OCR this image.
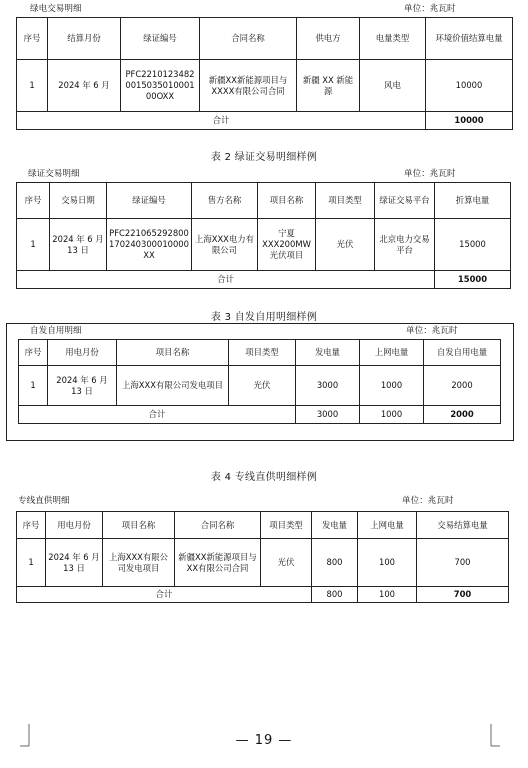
绿电交易明细	单位：兆瓦时
序号	结算月份	绿证编号	合同名称	供电方	电量类型	环境价值结算电量
1	2024 年 6 月	PFC2210123482001503501000100OXX	新疆XX新能源项目与XXXX有限公司合同	新疆 XX 新能源	风电	10000
合计						10000
表 2 绿证交易明细样例
绿证交易明细	单位：兆瓦时
序号	交易日期	绿证编号	售方名称	项目名称	项目类型	绿证交易平台	折算电量
1	2024 年 6 月 13 日	PFC221065292800170240300010000XX	上海XXX电力有限公司	宁夏XXX200MW光伏项目	光伏	北京电力交易平台	15000
合计							15000
表 3 自发自用明细样例
自发自用明细	单位：兆瓦时
序号	用电月份	项目名称	项目类型	发电量	上网电量	自发自用电量
1	2024 年 6 月 13 日	上海XXX有限公司发电项目	光伏	3000	1000	2000
合计				3000	1000	2000
表 4 专线直供明细样例
专线直供明细	单位：兆瓦时
序号	用电月份	项目名称	合同名称	项目类型	发电量	上网电量	交易结算电量
1	2024 年 6 月 13 日	上海XXX有限公司发电项目	新疆XX新能源项目与XX有限公司合同	光伏	800	100	700
合计					800	100	700
— 19 —
